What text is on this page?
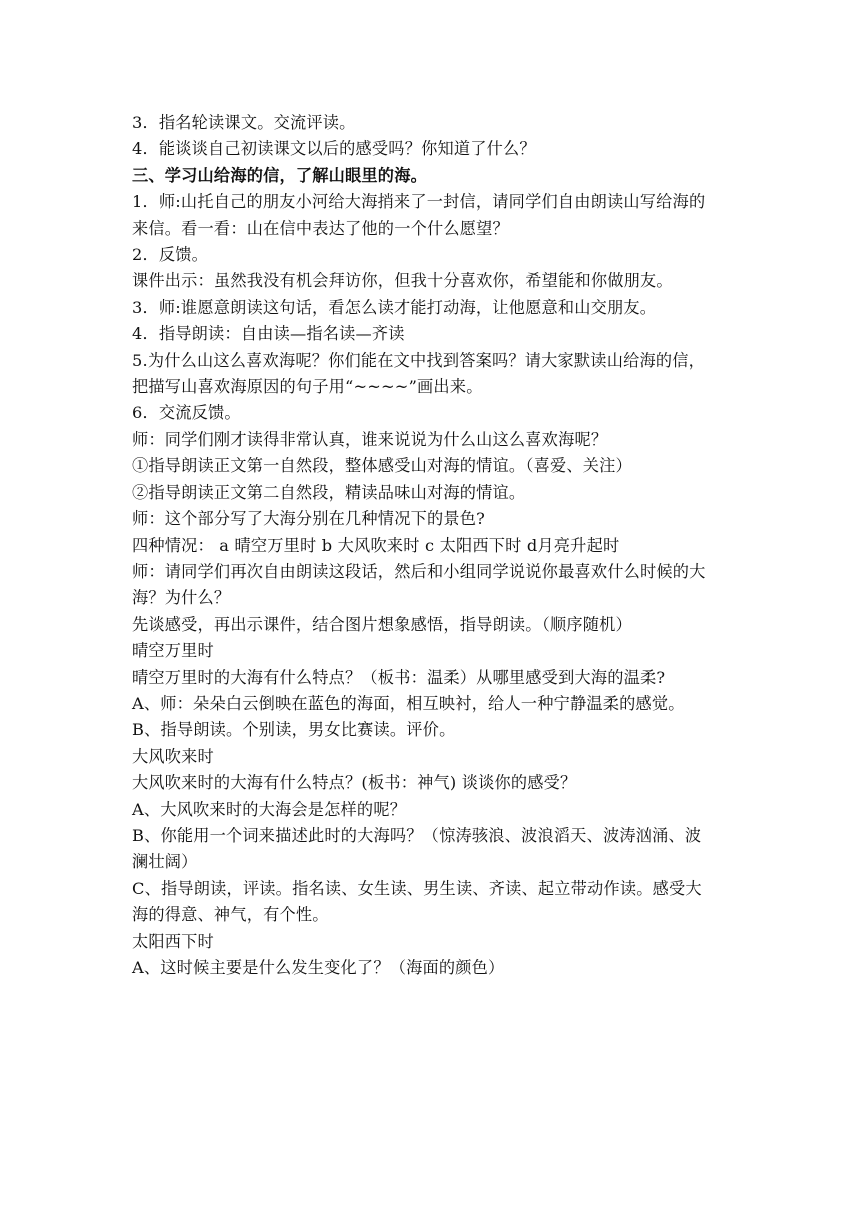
3．指名轮读课文。交流评读。
4．能谈谈自己初读课文以后的感受吗？你知道了什么？
三、学习山给海的信，了解山眼里的海。
1．师:山托自己的朋友小河给大海捎来了一封信，请同学们自由朗读山写给海的
来信。看一看：山在信中表达了他的一个什么愿望？
2．反馈。
课件出示：虽然我没有机会拜访你，但我十分喜欢你，希望能和你做朋友。
3．师:谁愿意朗读这句话，看怎么读才能打动海，让他愿意和山交朋友。
4．指导朗读：自由读—指名读—齐读
5.为什么山这么喜欢海呢？你们能在文中找到答案吗？请大家默读山给海的信，
把描写山喜欢海原因的句子用“~~~~”画出来。
6．交流反馈。
师：同学们刚才读得非常认真，谁来说说为什么山这么喜欢海呢？
①指导朗读正文第一自然段，整体感受山对海的情谊。（喜爱、关注）
②指导朗读正文第二自然段，精读品味山对海的情谊。
师：这个部分写了大海分别在几种情况下的景色?
四种情况： a 晴空万里时 b 大风吹来时 c 太阳西下时 d月亮升起时
师：请同学们再次自由朗读这段话，然后和小组同学说说你最喜欢什么时候的大
海？为什么？
先谈感受，再出示课件，结合图片想象感悟，指导朗读。（顺序随机）
晴空万里时
晴空万里时的大海有什么特点？（板书：温柔）从哪里感受到大海的温柔?
A、师：朵朵白云倒映在蓝色的海面，相互映衬，给人一种宁静温柔的感觉。
B、指导朗读。个别读，男女比赛读。评价。
大风吹来时
大风吹来时的大海有什么特点？(板书：神气) 谈谈你的感受？
A、大风吹来时的大海会是怎样的呢？
B、你能用一个词来描述此时的大海吗？（惊涛骇浪、波浪滔天、波涛汹涌、波
澜壮阔）
C、指导朗读，评读。指名读、女生读、男生读、齐读、起立带动作读。感受大
海的得意、神气，有个性。
太阳西下时
A、这时候主要是什么发生变化了？（海面的颜色）
